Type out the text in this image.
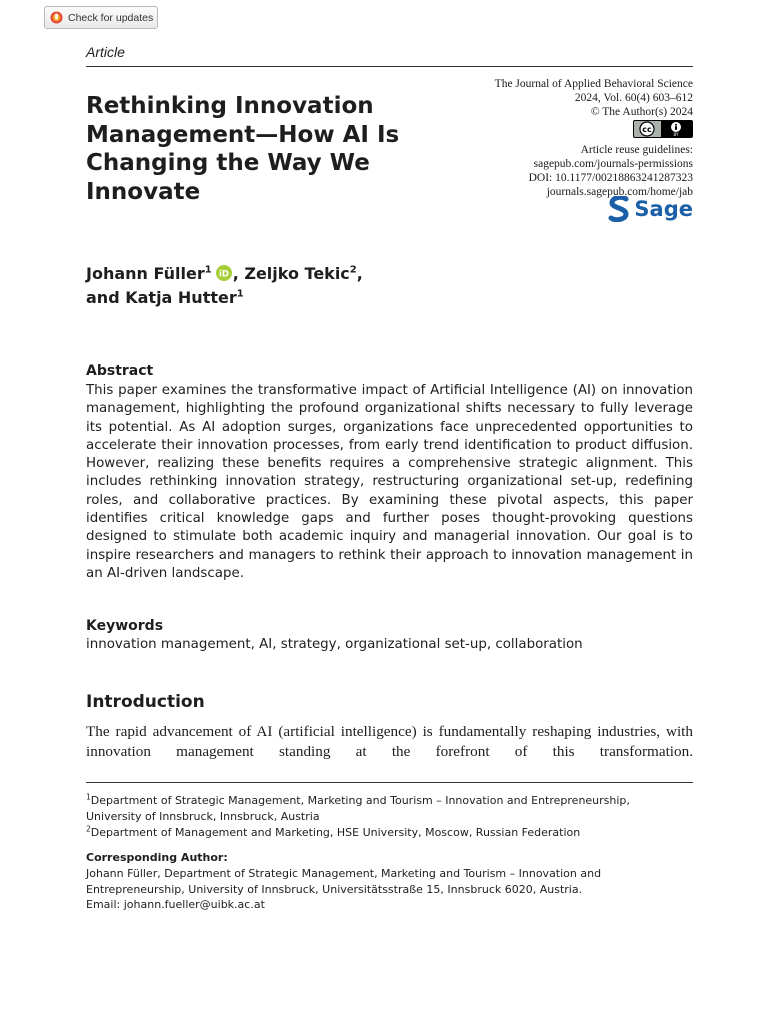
Check for updates
Article
Rethinking Innovation Management—How AI Is Changing the Way We Innovate
The Journal of Applied Behavioral Science
2024, Vol. 60(4) 603–612
© The Author(s) 2024
cc
BY
Article reuse guidelines:
sagepub.com/journals-permissions
DOI: 10.1177/00218863241287323
journals.sagepub.com/home/jab
Sage
Johann Füller$^1$ iD , Zeljko Tekic$^2$,
and Katja Hutter$^1$
Abstract

This paper examines the transformative impact of Artificial Intelligence (AI) on innovation management, highlighting the profound organizational shifts necessary to fully leverage its potential. As AI adoption surges, organizations face unprecedented opportunities to accelerate their innovation processes, from early trend identification to product diffusion. However, realizing these benefits requires a comprehensive strategic alignment. This includes rethinking innovation strategy, restructuring organizational set-up, redefining roles, and collaborative practices. By examining these pivotal aspects, this paper identifies critical knowledge gaps and further poses thought-provoking questions designed to stimulate both academic inquiry and managerial innovation. Our goal is to inspire researchers and managers to rethink their approach to innovation management in an AI-driven landscape.

Keywords
innovation management, AI, strategy, organizational set-up, collaboration
Introduction

The rapid advancement of AI (artificial intelligence) is fundamentally reshaping industries, with innovation management standing at the forefront of this transformation.

$^1$Department of Strategic Management, Marketing and Tourism – Innovation and Entrepreneurship,
University of Innsbruck, Innsbruck, Austria
$^2$Department of Management and Marketing, HSE University, Moscow, Russian Federation
Corresponding Author:
Johann Füller, Department of Strategic Management, Marketing and Tourism – Innovation and
Entrepreneurship, University of Innsbruck, Universitätsstraße 15, Innsbruck 6020, Austria.
Email: johann.fueller@uibk.ac.at
